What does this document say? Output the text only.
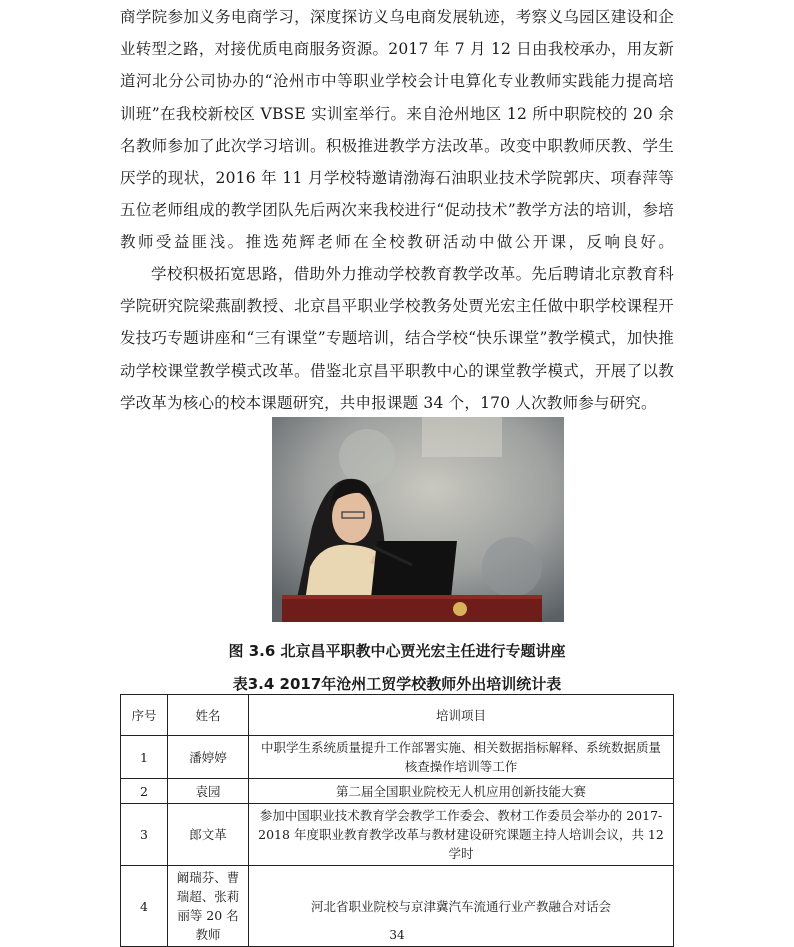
商学院参加义务电商学习，深度探访义乌电商发展轨迹，考察义乌园区建设和企业转型之路，对接优质电商服务资源。2017 年 7 月 12 日由我校承办，用友新道河北分公司协办的“沧州市中等职业学校会计电算化专业教师实践能力提高培训班”在我校新校区 VBSE 实训室举行。来自沧州地区 12 所中职院校的 20 余名教师参加了此次学习培训。积极推进教学方法改革。改变中职教师厌教、学生厌学的现状，2016 年 11 月学校特邀请渤海石油职业技术学院郭庆、项春萍等五位老师组成的教学团队先后两次来我校进行“促动技术”教学方法的培训，参培教师受益匪浅。推选苑辉老师在全校教研活动中做公开课，反响良好。

学校积极拓宽思路，借助外力推动学校教育教学改革。先后聘请北京教育科学院研究院梁燕副教授、北京昌平职业学校教务处贾光宏主任做中职学校课程开发技巧专题讲座和“三有课堂”专题培训，结合学校“快乐课堂”教学模式，加快推动学校课堂教学模式改革。借鉴北京昌平职教中心的课堂教学模式，开展了以教学改革为核心的校本课题研究，共申报课题 34 个，170 人次教师参与研究。

图 3.6 北京昌平职教中心贾光宏主任进行专题讲座
表3.4 2017年沧州工贸学校教师外出培训统计表
序号	姓名	培训项目
1	潘婷婷	中职学生系统质量提升工作部署实施、相关数据指标解释、系统数据质量核查操作培训等工作
2	袁园	第二届全国职业院校无人机应用创新技能大赛
3	郎文革	参加中国职业技术教育学会教学工作委会、教材工作委员会举办的 2017-2018 年度职业教育教学改革与教材建设研究课题主持人培训会议，共 12 学时
4	阚瑞芬、曹瑞超、张莉丽等 20 名教师	河北省职业院校与京津冀汽车流通行业产教融合对话会
34
